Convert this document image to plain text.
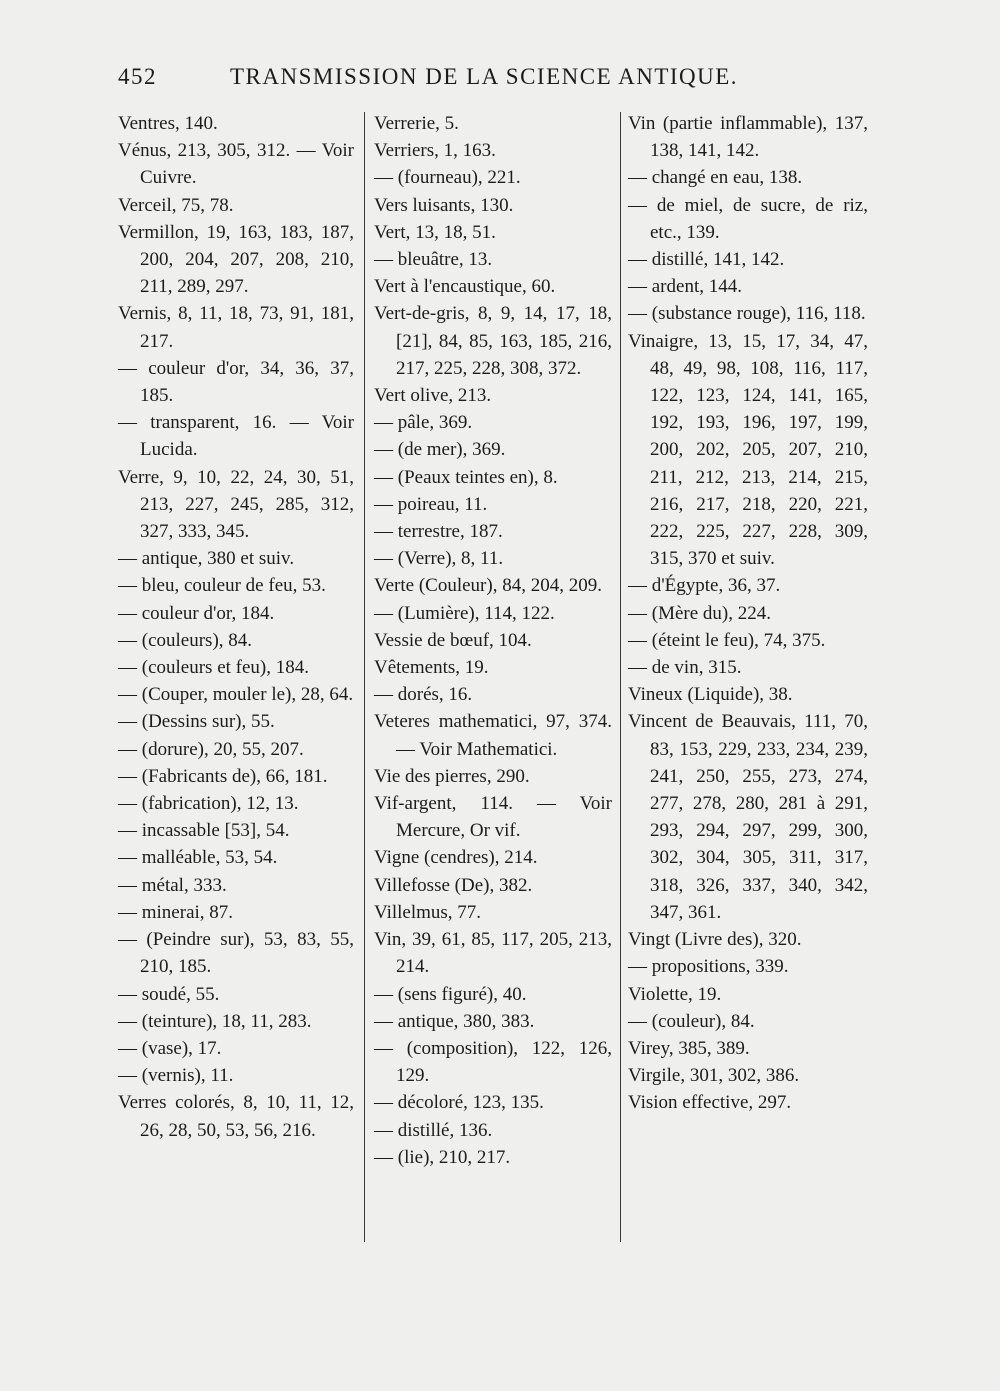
452	TRANSMISSION DE LA SCIENCE ANTIQUE.
Ventres, 140.
Vénus, 213, 305, 312. — Voir Cuivre.
Verceil, 75, 78.
Vermillon, 19, 163, 183, 187, 200, 204, 207, 208, 210, 211, 289, 297.
Vernis, 8, 11, 18, 73, 91, 181, 217.
— couleur d'or, 34, 36, 37, 185.
— transparent, 16. — Voir Lucida.
Verre, 9, 10, 22, 24, 30, 51, 213, 227, 245, 285, 312, 327, 333, 345.
— antique, 380 et suiv.
— bleu, couleur de feu, 53.
— couleur d'or, 184.
— (couleurs), 84.
— (couleurs et feu), 184.
— (Couper, mouler le), 28, 64.
— (Dessins sur), 55.
— (dorure), 20, 55, 207.
— (Fabricants de), 66, 181.
— (fabrication), 12, 13.
— incassable [53], 54.
— malléable, 53, 54.
— métal, 333.
— minerai, 87.
— (Peindre sur), 53, 83, 55, 210, 185.
— soudé, 55.
— (teinture), 18, 11, 283.
— (vase), 17.
— (vernis), 11.
Verres colorés, 8, 10, 11, 12, 26, 28, 50, 53, 56, 216.
Verrerie, 5.
Verriers, 1, 163.
— (fourneau), 221.
Vers luisants, 130.
Vert, 13, 18, 51.
— bleuâtre, 13.
Vert à l'encaustique, 60.
Vert-de-gris, 8, 9, 14, 17, 18, [21], 84, 85, 163, 185, 216, 217, 225, 228, 308, 372.
Vert olive, 213.
— pâle, 369.
— (de mer), 369.
— (Peaux teintes en), 8.
— poireau, 11.
— terrestre, 187.
— (Verre), 8, 11.
Verte (Couleur), 84, 204, 209.
— (Lumière), 114, 122.
Vessie de bœuf, 104.
Vêtements, 19.
— dorés, 16.
Veteres mathematici, 97, 374. — Voir Mathematici.
Vie des pierres, 290.
Vif-argent, 114. — Voir Mercure, Or vif.
Vigne (cendres), 214.
Villefosse (De), 382.
Villelmus, 77.
Vin, 39, 61, 85, 117, 205, 213, 214.
— (sens figuré), 40.
— antique, 380, 383.
— (composition), 122, 126, 129.
— décoloré, 123, 135.
— distillé, 136.
— (lie), 210, 217.
Vin (partie inflammable), 137, 138, 141, 142.
— changé en eau, 138.
— de miel, de sucre, de riz, etc., 139.
— distillé, 141, 142.
— ardent, 144.
— (substance rouge), 116, 118.
Vinaigre, 13, 15, 17, 34, 47, 48, 49, 98, 108, 116, 117, 122, 123, 124, 141, 165, 192, 193, 196, 197, 199, 200, 202, 205, 207, 210, 211, 212, 213, 214, 215, 216, 217, 218, 220, 221, 222, 225, 227, 228, 309, 315, 370 et suiv.
— d'Égypte, 36, 37.
— (Mère du), 224.
— (éteint le feu), 74, 375.
— de vin, 315.
Vineux (Liquide), 38.
Vincent de Beauvais, 111, 70, 83, 153, 229, 233, 234, 239, 241, 250, 255, 273, 274, 277, 278, 280, 281 à 291, 293, 294, 297, 299, 300, 302, 304, 305, 311, 317, 318, 326, 337, 340, 342, 347, 361.
Vingt (Livre des), 320.
— propositions, 339.
Violette, 19.
— (couleur), 84.
Virey, 385, 389.
Virgile, 301, 302, 386.
Vision effective, 297.
